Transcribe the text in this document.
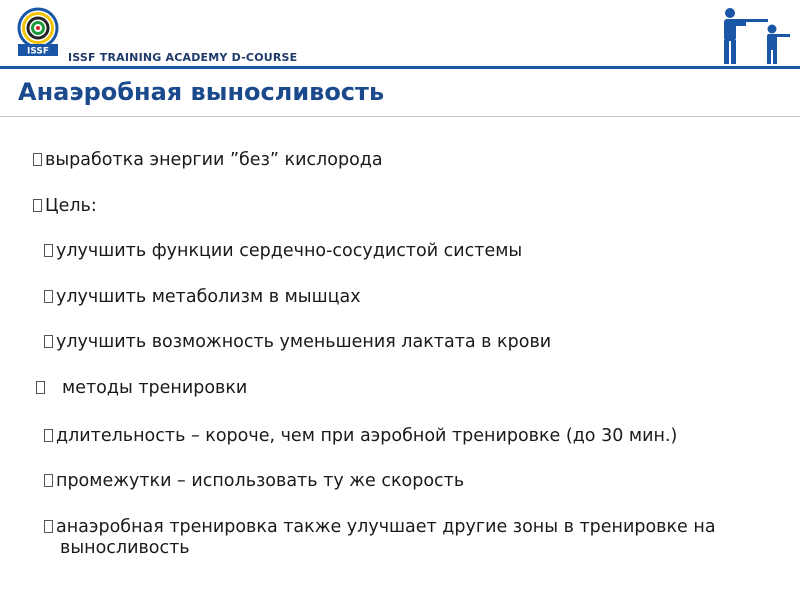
ISSF ISSF TRAINING ACADEMY D-COURSE
Анаэробная выносливость
выработка энергии ”без” кислорода
Цель:
улучшить функции сердечно-сосудистой системы
улучшить метаболизм в мышцах
улучшить возможность уменьшения лактата в крови
методы тренировки
длительность – короче, чем при аэробной тренировке (до 30 мин.)
промежутки – использовать ту же скорость
анаэробная тренировка также улучшает другие зоны в тренировке на выносливость
